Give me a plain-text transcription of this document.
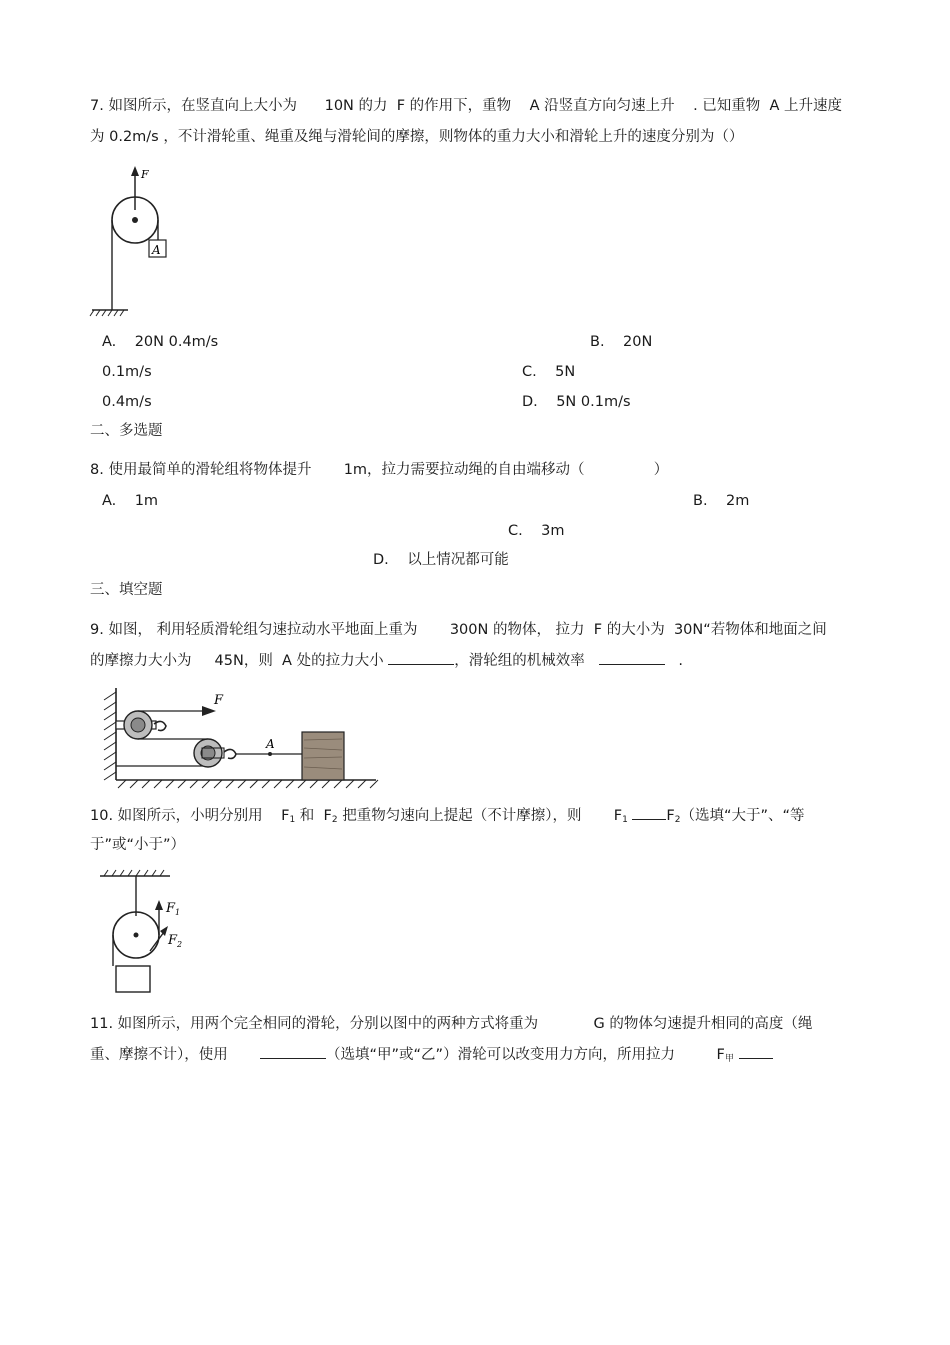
7. 如图所示，在竖直向上大小为      10N 的力  F 的作用下，重物    A 沿竖直方向匀速上升    . 已知重物  A 上升速度
为 0.2m/s ，不计滑轮重、绳重及绳与滑轮间的摩擦，则物体的重力大小和滑轮上升的速度分别为（）
F
A
A.    20N 0.4m/s	B.    20N
0.1m/s	C.    5N
0.4m/s	D.    5N 0.1m/s
二、多选题
8. 使用最简单的滑轮组将物体提升       1m，拉力需要拉动绳的自由端移动（               ）
A.    1m	B.    2m
C.    3m
D.    以上情况都可能
三、填空题
9. 如图， 利用轻质滑轮组匀速拉动水平地面上重为       300N 的物体， 拉力  F 的大小为  30N“若物体和地面之间
的摩擦力大小为     45N，则  A 处的拉力大小	，滑轮组的机械效率	.
F
A
10. 如图所示，小明分别用    $F_1$ 和  $F_2$ 把重物匀速向上提起（不计摩擦），则       $F_1$	$F_2$（选填“大于”、“等
于”或“小于”）
$F_1$
$F_2$
11. 如图所示，用两个完全相同的滑轮，分别以图中的两种方式将重为            G 的物体匀速提升相同的高度（绳
重、摩擦不计），使用	（选填“甲”或“乙”）滑轮可以改变用力方向，所用拉力         $F_甲$
